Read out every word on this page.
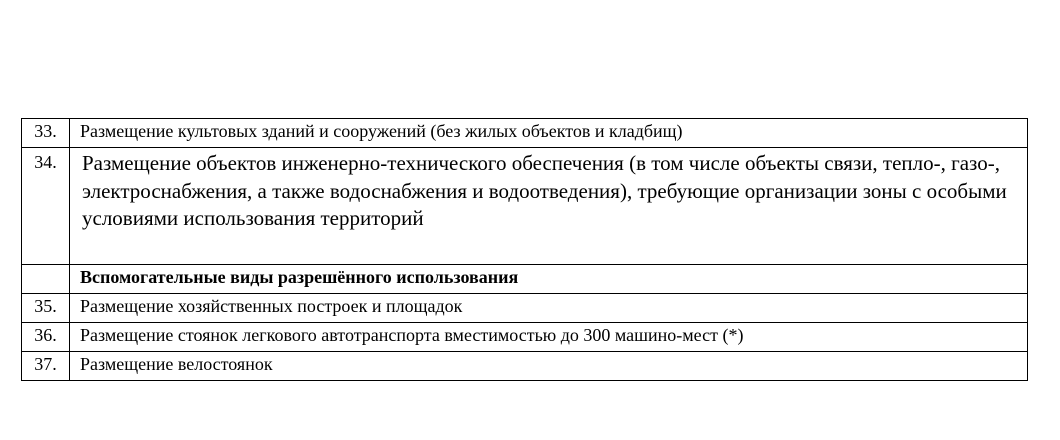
33.	Размещение культовых зданий и сооружений (без жилых объектов и кладбищ)
34.	Размещение объектов инженерно-технического обеспечения (в том числе объекты связи, тепло-, газо-, электроснабжения, а также водоснабжения и водоотведения), требующие организации зоны с особыми условиями использования территорий
	Вспомогательные виды разрешённого использования
35.	Размещение хозяйственных построек и площадок
36.	Размещение стоянок легкового автотранспорта вместимостью до 300 машино-мест (*)
37.	Размещение велостоянок
